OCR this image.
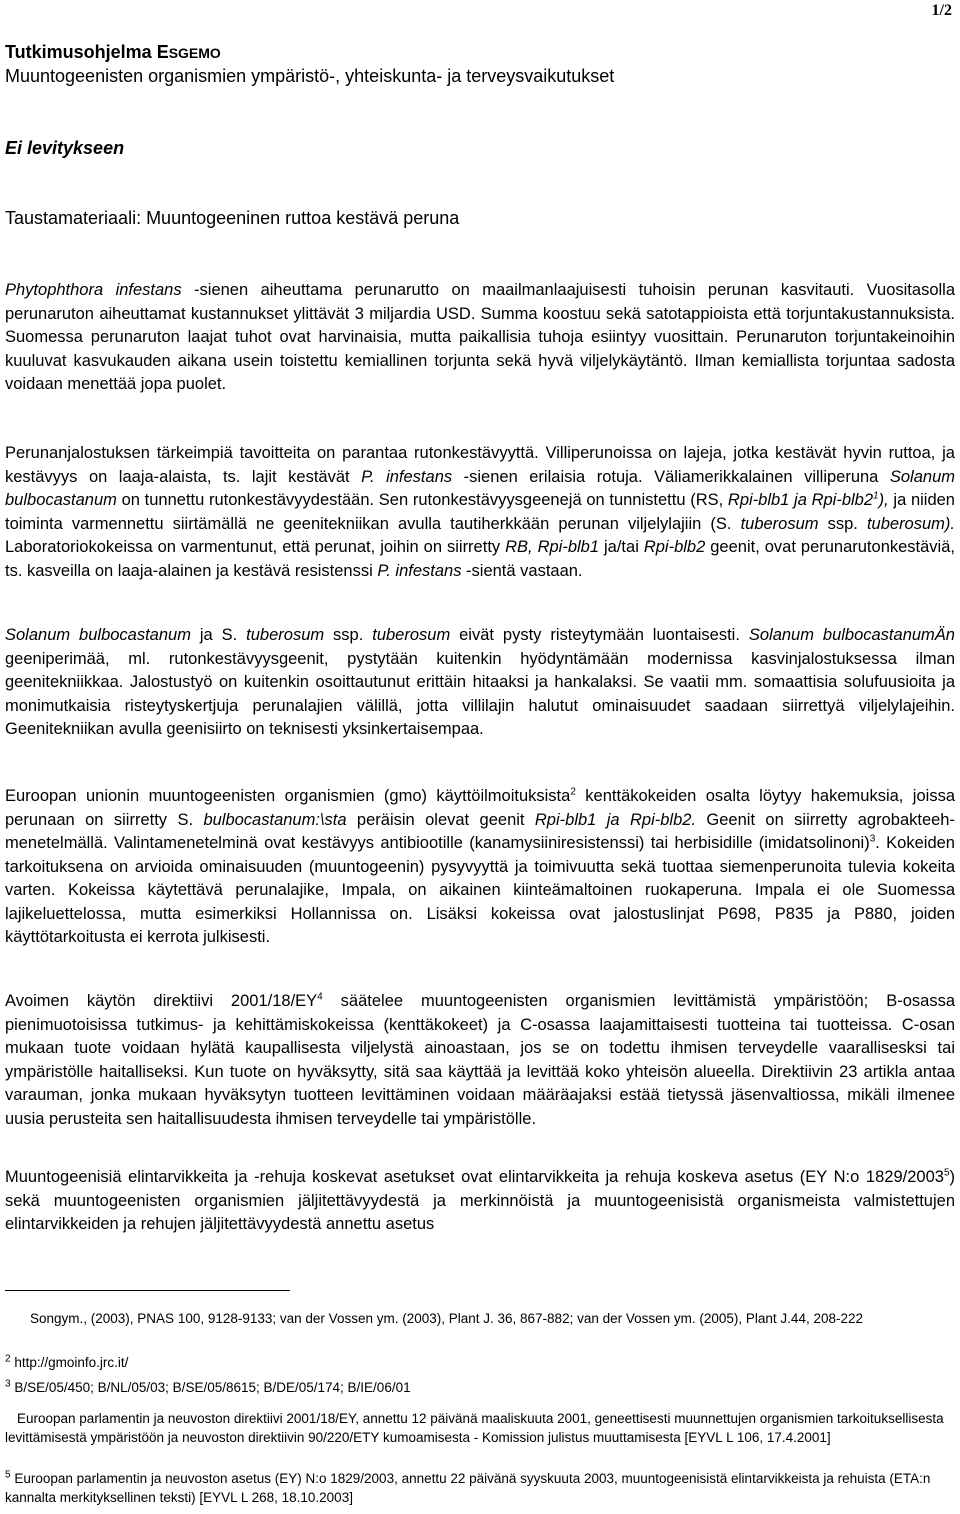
1/2
Tutkimusohjelma ESGEMO
Muuntogeenisten organismien ympäristö-, yhteiskunta- ja terveysvaikutukset
Ei levitykseen
Taustamateriaali: Muuntogeeninen ruttoa kestävä peruna
Phytophthora infestans -sienen aiheuttama perunarutto on maailmanlaajuisesti tuhoisin perunan kasvitauti. Vuositasolla perunaruton aiheuttamat kustannukset ylittävät 3 miljardia USD. Summa koostuu sekä satotappioista että torjuntakustannuksista. Suomessa perunaruton laajat tuhot ovat harvinaisia, mutta paikallisia tuhoja esiintyy vuosittain. Perunaruton torjuntakeinoihin kuuluvat kasvukauden aikana usein toistettu kemiallinen torjunta sekä hyvä viljelykäytäntö. Ilman kemiallista torjuntaa sadosta voidaan menettää jopa puolet.
Perunanjalostuksen tärkeimpiä tavoitteita on parantaa rutonkestävyyttä. Villiperunoissa on lajeja, jotka kestävät hyvin ruttoa, ja kestävyys on laaja-alaista, ts. lajit kestävät P. infestans -sienen erilaisia rotuja. Väliamerikkalainen villiperuna Solanum bulbocastanum on tunnettu rutonkestävyydestään. Sen rutonkestävyysgeenejä on tunnistettu (RS, Rpi-blb1 ja Rpi-$blb2^1$), ja niiden toiminta varmennettu siirtämällä ne geenitekniikan avulla tautiherkkään perunan viljelylajiin (S. tuberosum ssp. tuberosum). Laboratoriokokeissa on varmentunut, että perunat, joihin on siirretty RB, Rpi-blb1 ja/tai Rpi-blb2 geenit, ovat perunarutonkestäviä, ts. kasveilla on laaja-alainen ja kestävä resistenssi P. infestans -sientä vastaan.
Solanum bulbocastanum ja S. tuberosum ssp. tuberosum eivät pysty risteytymään luontaisesti. Solanum bulbocastanumÄn geeniperimää, ml. rutonkestävyysgeenit, pystytään kuitenkin hyödyntämään modernissa kasvinjalostuksessa ilman geenitekniikkaa. Jalostustyö on kuitenkin osoittautunut erittäin hitaaksi ja hankalaksi. Se vaatii mm. somaattisia solufuusioita ja monimutkaisia risteytyskertjuja perunalajien välillä, jotta villilajin halutut ominaisuudet saadaan siirrettyä viljelylajeihin. Geenitekniikan avulla geenisiirto on teknisesti yksinkertaisempaa.
Euroopan unionin muuntogeenisten organismien (gmo) käyttöilmoituksista$^2$ kenttäkokeiden osalta löytyy hakemuksia, joissa perunaan on siirretty S. bulbocastanum:\sta peräisin olevat geenit Rpi-blb1 ja Rpi-blb2. Geenit on siirretty agrobakteeh-menetelmällä. Valintamenetelminä ovat kestävyys antibiootille (kanamysiiniresistenssi) tai herbisidille (imidatsolinoni)$^3$. Kokeiden tarkoituksena on arvioida ominaisuuden (muuntogeenin) pysyvyyttä ja toimivuutta sekä tuottaa siemenperunoita tulevia kokeita varten. Kokeissa käytettävä perunalajike, Impala, on aikainen kiinteämaltoinen ruokaperuna. Impala ei ole Suomessa lajikeluettelossa, mutta esimerkiksi Hollannissa on. Lisäksi kokeissa ovat jalostuslinjat P698, P835 ja P880, joiden käyttötarkoitusta ei kerrota julkisesti.
Avoimen käytön direktiivi $2001/18/EY^4$ säätelee muuntogeenisten organismien levittämistä ympäristöön; B-osassa pienimuotoisissa tutkimus- ja kehittämiskokeissa (kenttäkokeet) ja C-osassa laajamittaisesti tuotteina tai tuotteissa. C-osan mukaan tuote voidaan hylätä kaupallisesta viljelystä ainoastaan, jos se on todettu ihmisen terveydelle vaarallisesksi tai ympäristölle haitalliseksi. Kun tuote on hyväksytty, sitä saa käyttää ja levittää koko yhteisön alueella. Direktiivin 23 artikla antaa varauman, jonka mukaan hyväksytyn tuotteen levittäminen voidaan määräajaksi estää tietyssä jäsenvaltiossa, mikäli ilmenee uusia perusteita sen haitallisuudesta ihmisen terveydelle tai ympäristölle.
Muuntogeenisiä elintarvikkeita ja -rehuja koskevat asetukset ovat elintarvikkeita ja rehuja koskeva asetus (EY N:o 1829/2003$^5$) sekä muuntogeenisten organismien jäljitettävyydestä ja merkinnöistä ja muuntogeenisistä organismeista valmistettujen elintarvikkeiden ja rehujen jäljitettävyydestä annettu asetus
Songym., (2003), PNAS 100, 9128-9133; van der Vossen ym. (2003), Plant J. 36, 867-882; van der Vossen ym. (2005), Plant J.44, 208-222
$^2$ http://gmoinfo.jrc.it/
$^3$ B/SE/05/450; B/NL/05/03; B/SE/05/8615; B/DE/05/174; B/IE/06/01
Euroopan parlamentin ja neuvoston direktiivi 2001/18/EY, annettu 12 päivänä maaliskuuta 2001, geneettisesti muunnettujen organismien tarkoituksellisesta levittämisestä ympäristöön ja neuvoston direktiivin 90/220/ETY kumoamisesta - Komission julistus muuttamisesta [EYVL L 106, 17.4.2001]
$^5$ Euroopan parlamentin ja neuvoston asetus (EY) N:o 1829/2003, annettu 22 päivänä syyskuuta 2003, muuntogeenisistä elintarvikkeista ja rehuista (ETA:n kannalta merkityksellinen teksti) [EYVL L 268, 18.10.2003]
